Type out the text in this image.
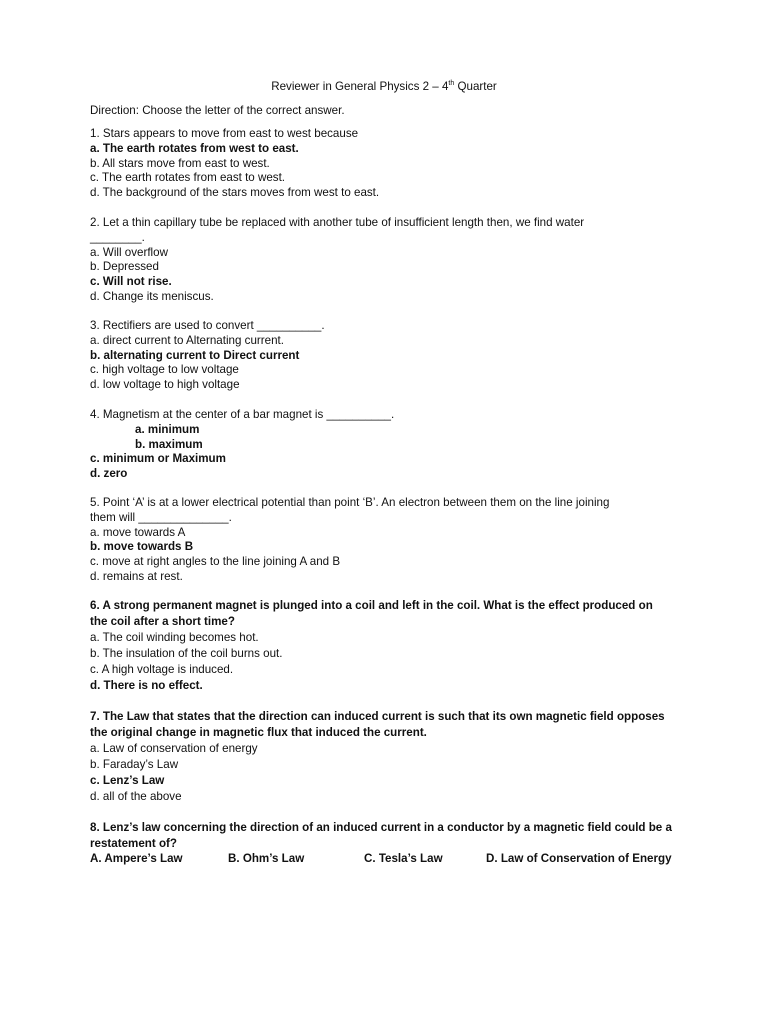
Reviewer in General Physics 2 – 4th Quarter
Direction: Choose the letter of the correct answer.
1. Stars appears to move from east to west because
a. The earth rotates from west to east.
b. All stars move from east to west.
c. The earth rotates from east to west.
d. The background of the stars moves from west to east.
2. Let a thin capillary tube be replaced with another tube of insufficient length then, we find water
________.
a. Will overflow
b. Depressed
c. Will not rise.
d. Change its meniscus.
3. Rectifiers are used to convert __________.
a. direct current to Alternating current.
b. alternating current to Direct current
c. high voltage to low voltage
d. low voltage to high voltage
4. Magnetism at the center of a bar magnet is __________.
a. minimum
b. maximum
c. minimum or Maximum
d. zero
5. Point ‘A’ is at a lower electrical potential than point ‘B’. An electron between them on the line joining
them will ______________.
a. move towards A
b. move towards B
c. move at right angles to the line joining A and B
d. remains at rest.
6. A strong permanent magnet is plunged into a coil and left in the coil. What is the effect produced on
the coil after a short time?
a. The coil winding becomes hot.
b. The insulation of the coil burns out.
c. A high voltage is induced.
d. There is no effect.
7. The Law that states that the direction can induced current is such that its own magnetic field opposes
the original change in magnetic flux that induced the current.
a. Law of conservation of energy
b. Faraday’s Law
c. Lenz’s Law
d. all of the above
8. Lenz’s law concerning the direction of an induced current in a conductor by a magnetic field could be a
restatement of?
A. Ampere’s Law	B. Ohm’s Law	C. Tesla’s Law	D. Law of Conservation of Energy
